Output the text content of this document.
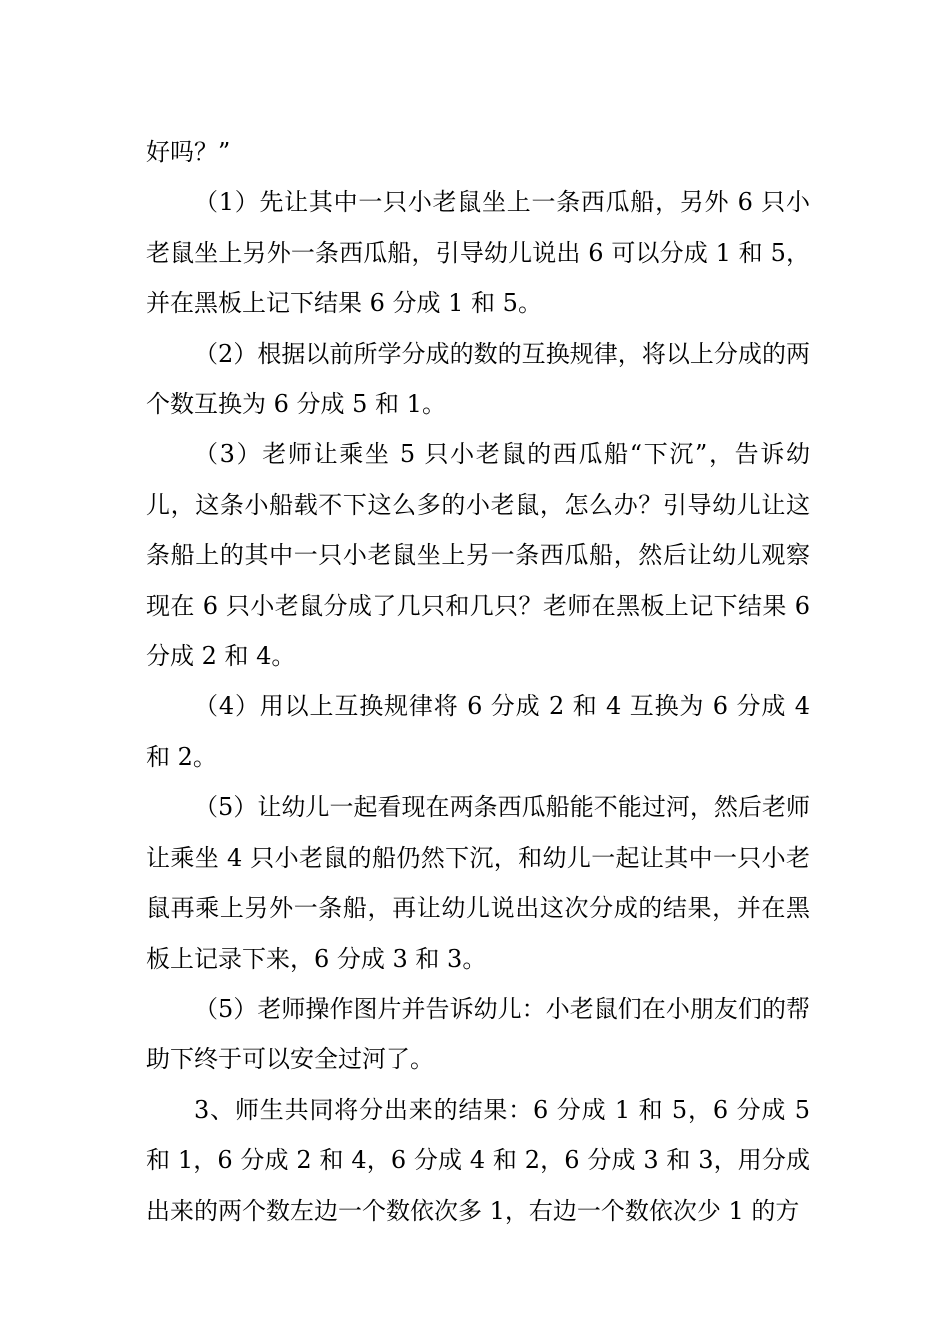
好吗？”

（1）先让其中一只小老鼠坐上一条西瓜船，另外 6 只小老鼠坐上另外一条西瓜船，引导幼儿说出 6 可以分成 1 和 5，并在黑板上记下结果 6 分成 1 和 5。

（2）根据以前所学分成的数的互换规律，将以上分成的两个数互换为 6 分成 5 和 1。

（3）老师让乘坐 5 只小老鼠的西瓜船“下沉”，告诉幼儿，这条小船载不下这么多的小老鼠，怎么办？引导幼儿让这条船上的其中一只小老鼠坐上另一条西瓜船，然后让幼儿观察现在 6 只小老鼠分成了几只和几只？老师在黑板上记下结果 6 分成 2 和 4。

（4）用以上互换规律将 6 分成 2 和 4 互换为 6 分成 4 和 2。

（5）让幼儿一起看现在两条西瓜船能不能过河，然后老师让乘坐 4 只小老鼠的船仍然下沉，和幼儿一起让其中一只小老鼠再乘上另外一条船，再让幼儿说出这次分成的结果，并在黑板上记录下来，6 分成 3 和 3。

（5）老师操作图片并告诉幼儿：小老鼠们在小朋友们的帮助下终于可以安全过河了。

3、师生共同将分出来的结果：6 分成 1 和 5，6 分成 5 和 1，6 分成 2 和 4，6 分成 4 和 2，6 分成 3 和 3，用分成出来的两个数左边一个数依次多 1，右边一个数依次少 1 的方
